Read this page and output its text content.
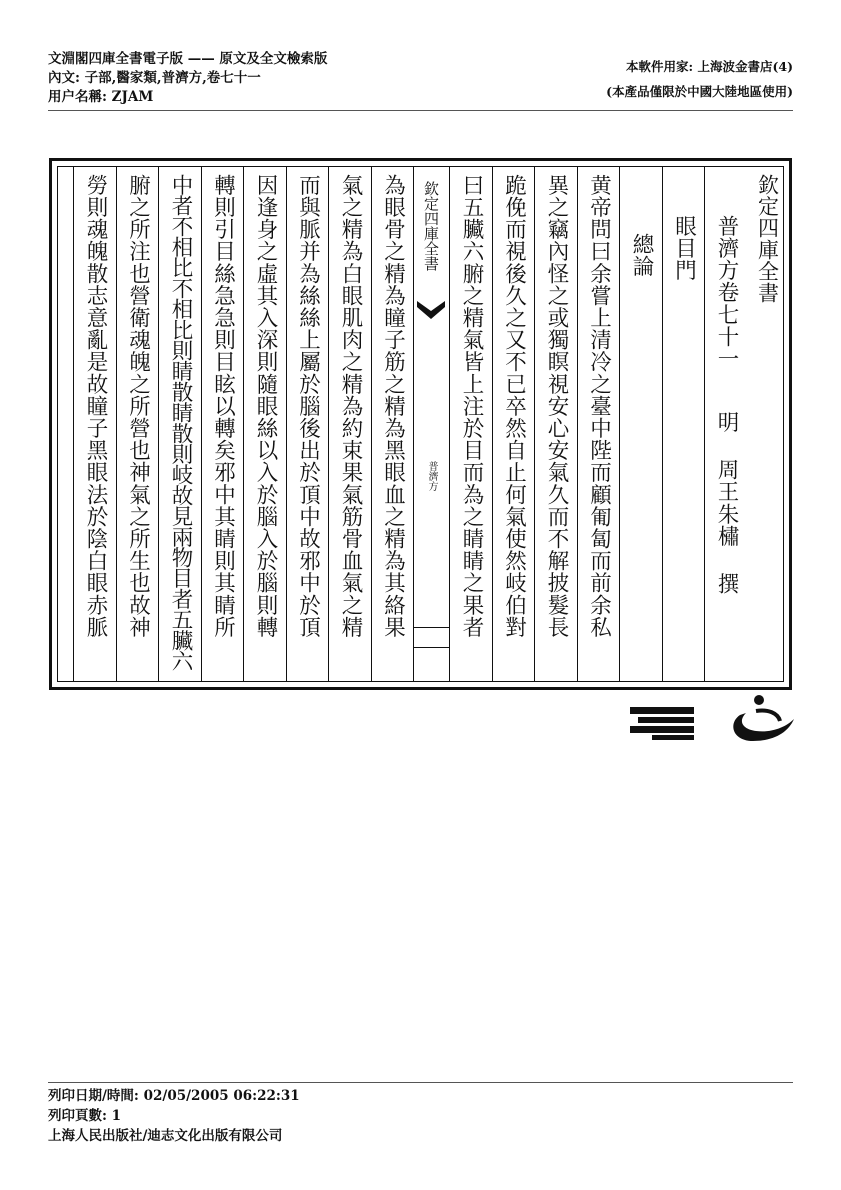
文淵閣四庫全書電子版 —— 原文及全文檢索版
內文: 子部,醫家類,普濟方,卷七十一
用户名稱: ZJAM
本軟件用家: 上海波金書店(4)
(本產品僅限於中國大陸地區使用)
欽定四庫全書
明 周王朱橚 撰
普濟方卷七十一
眼目門
總論
黄帝問曰余嘗上清冷之臺中陛而顧匍匐而前余私
異之竊內怪之或獨瞑視安心安氣久而不解披髮長
跪俛而視後久之又不已卒然自止何氣使然岐伯對
曰五臟六腑之精氣皆上注於目而為之睛睛之果者
欽定四庫全書
普濟方
為眼骨之精為瞳子筋之精為黑眼血之精為其絡果
氣之精為白眼肌肉之精為約束果氣筋骨血氣之精
而與脈并為絲絲上屬於腦後出於頂中故邪中於頂
因逢身之虛其入深則隨眼絲以入於腦入於腦則轉
轉則引目絲急急則目眩以轉矣邪中其睛則其睛所
中者不相比不相比則睛散睛散則岐故見兩物目者五臟六
腑之所注也營衛魂魄之所營也神氣之所生也故神
勞則魂魄散志意亂是故瞳子黑眼法於陰白眼赤脈
列印日期/時間: 02/05/2005 06:22:31
列印頁數: 1
上海人民出版社/迪志文化出版有限公司
